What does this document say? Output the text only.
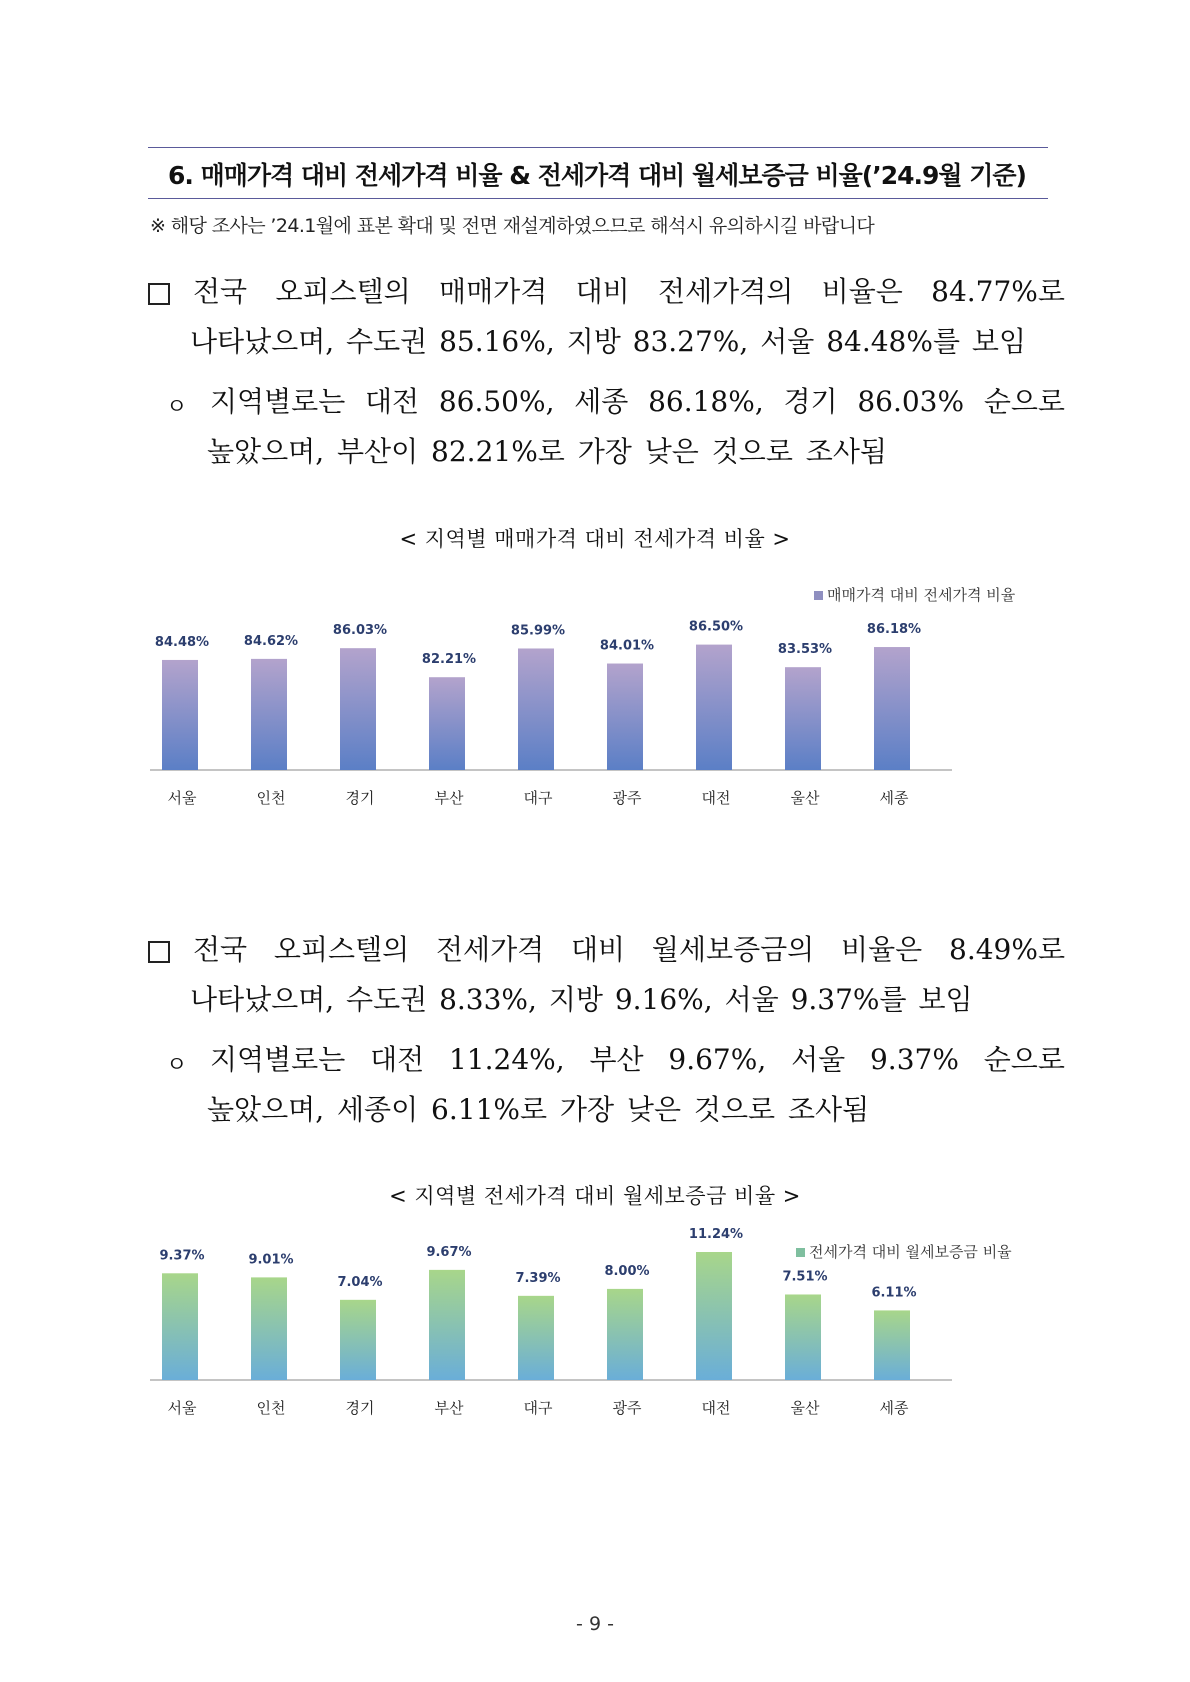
6. 매매가격 대비 전세가격 비율 & 전세가격 대비 월세보증금 비율(’24.9월 기준)
※ 해당 조사는 ’24.1월에 표본 확대 및 전면 재설계하였으므로 해석시 유의하시길 바랍니다
전국 오피스텔의 매매가격 대비 전세가격의 비율은 84.77%로
나타났으며, 수도권 85.16%, 지방 83.27%, 서울 84.48%를 보임
ㅇ 지역별로는 대전 86.50%, 세종 86.18%, 경기 86.03% 순으로
높았으며, 부산이 82.21%로 가장 낮은 것으로 조사됨
< 지역별 매매가격 대비 전세가격 비율 >
매매가격 대비 전세가격 비율
84.48%
서울
84.62%
인천
86.03%
경기
82.21%
부산
85.99%
대구
84.01%
광주
86.50%
대전
83.53%
울산
86.18%
세종
전국 오피스텔의 전세가격 대비 월세보증금의 비율은 8.49%로
나타났으며, 수도권 8.33%, 지방 9.16%, 서울 9.37%를 보임
ㅇ 지역별로는 대전 11.24%, 부산 9.67%, 서울 9.37% 순으로
높았으며, 세종이 6.11%로 가장 낮은 것으로 조사됨
< 지역별 전세가격 대비 월세보증금 비율 >
전세가격 대비 월세보증금 비율
9.37%
서울
9.01%
인천
7.04%
경기
9.67%
부산
7.39%
대구
8.00%
광주
11.24%
대전
7.51%
울산
6.11%
세종
- 9 -
